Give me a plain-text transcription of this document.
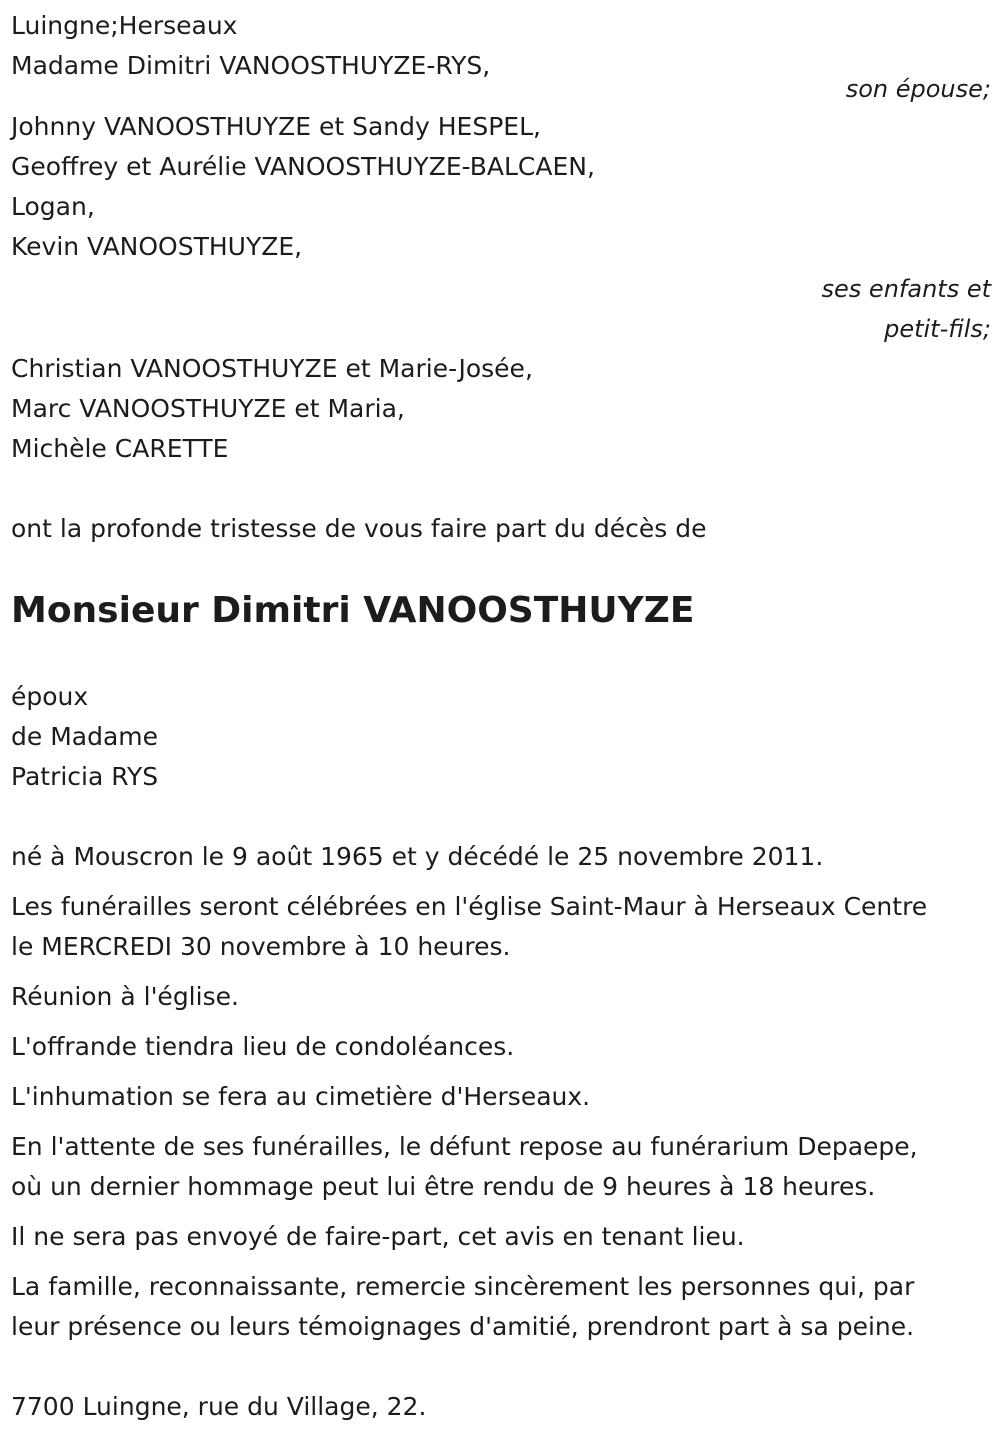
Luingne;Herseaux
Madame Dimitri VANOOSTHUYZE-RYS,
son épouse;
Johnny VANOOSTHUYZE et Sandy HESPEL,
Geoffrey et Aurélie VANOOSTHUYZE-BALCAEN,
Logan,
Kevin VANOOSTHUYZE,
ses enfants et
petit-fils;
Christian VANOOSTHUYZE et Marie-Josée,
Marc VANOOSTHUYZE et Maria,
Michèle CARETTE
ont la profonde tristesse de vous faire part du décès de
Monsieur Dimitri VANOOSTHUYZE
époux
de Madame
Patricia RYS
né à Mouscron le 9 août 1965 et y décédé le 25 novembre 2011.
Les funérailles seront célébrées en l'église Saint-Maur à Herseaux Centre
le MERCREDI 30 novembre à 10 heures.
Réunion à l'église.
L'offrande tiendra lieu de condoléances.
L'inhumation se fera au cimetière d'Herseaux.
En l'attente de ses funérailles, le défunt repose au funérarium Depaepe,
où un dernier hommage peut lui être rendu de 9 heures à 18 heures.
Il ne sera pas envoyé de faire-part, cet avis en tenant lieu.
La famille, reconnaissante, remercie sincèrement les personnes qui, par
leur présence ou leurs témoignages d'amitié, prendront part à sa peine.
7700 Luingne, rue du Village, 22.
